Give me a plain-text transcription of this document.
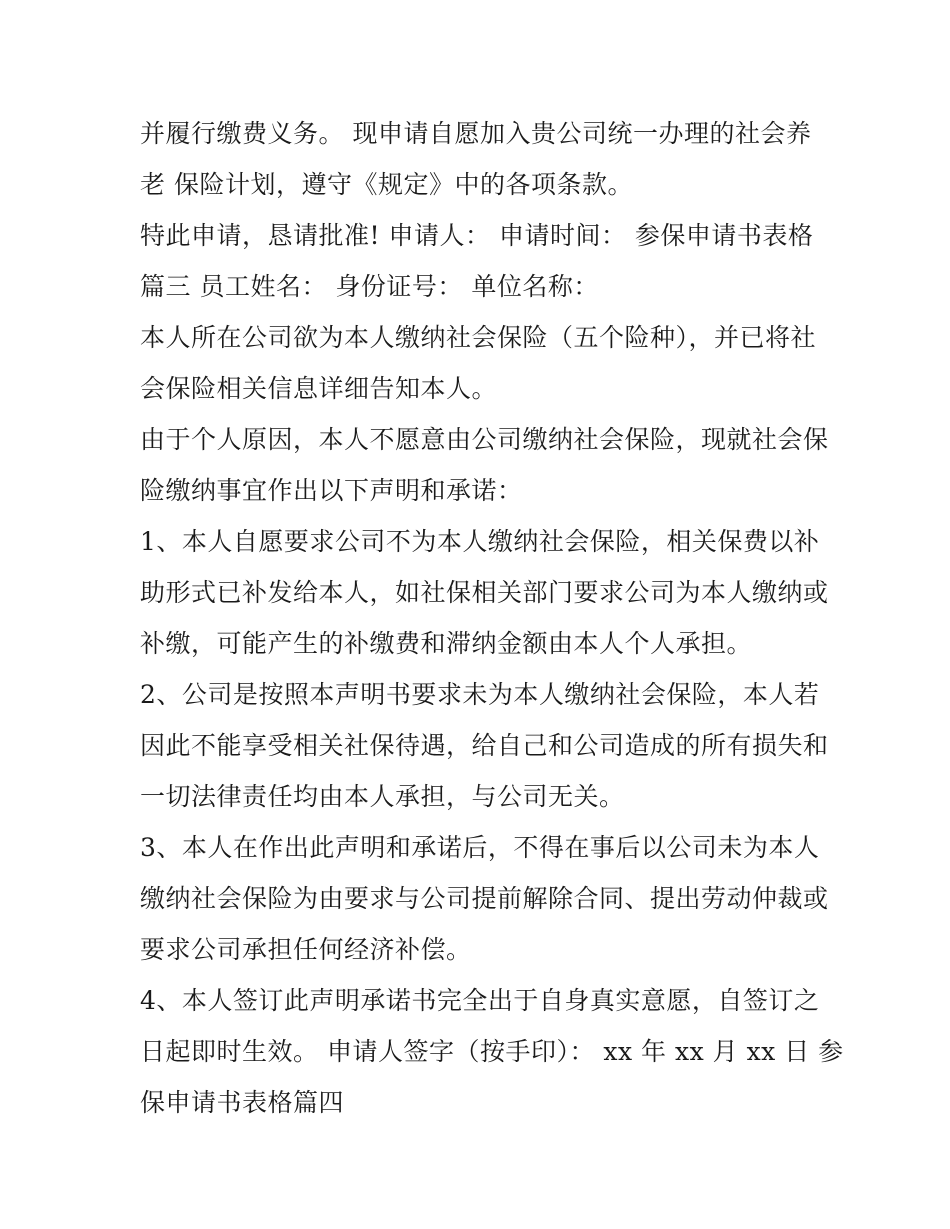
并履行缴费义务。 现申请自愿加入贵公司统一办理的社会养
老 保险计划，遵守《规定》中的各项条款。
特此申请，恳请批准! 申请人： 申请时间： 参保申请书表格
篇三 员工姓名： 身份证号： 单位名称：
本人所在公司欲为本人缴纳社会保险（五个险种），并已将社
会保险相关信息详细告知本人。
由于个人原因，本人不愿意由公司缴纳社会保险，现就社会保
险缴纳事宜作出以下声明和承诺：
1、本人自愿要求公司不为本人缴纳社会保险，相关保费以补
助形式已补发给本人，如社保相关部门要求公司为本人缴纳或
补缴，可能产生的补缴费和滞纳金额由本人个人承担。
2、公司是按照本声明书要求未为本人缴纳社会保险，本人若
因此不能享受相关社保待遇，给自己和公司造成的所有损失和
一切法律责任均由本人承担，与公司无关。
3、本人在作出此声明和承诺后，不得在事后以公司未为本人
缴纳社会保险为由要求与公司提前解除合同、提出劳动仲裁或
要求公司承担任何经济补偿。
4、本人签订此声明承诺书完全出于自身真实意愿，自签订之
日起即时生效。 申请人签字（按手印）： xx 年 xx 月 xx 日 参
保申请书表格篇四
